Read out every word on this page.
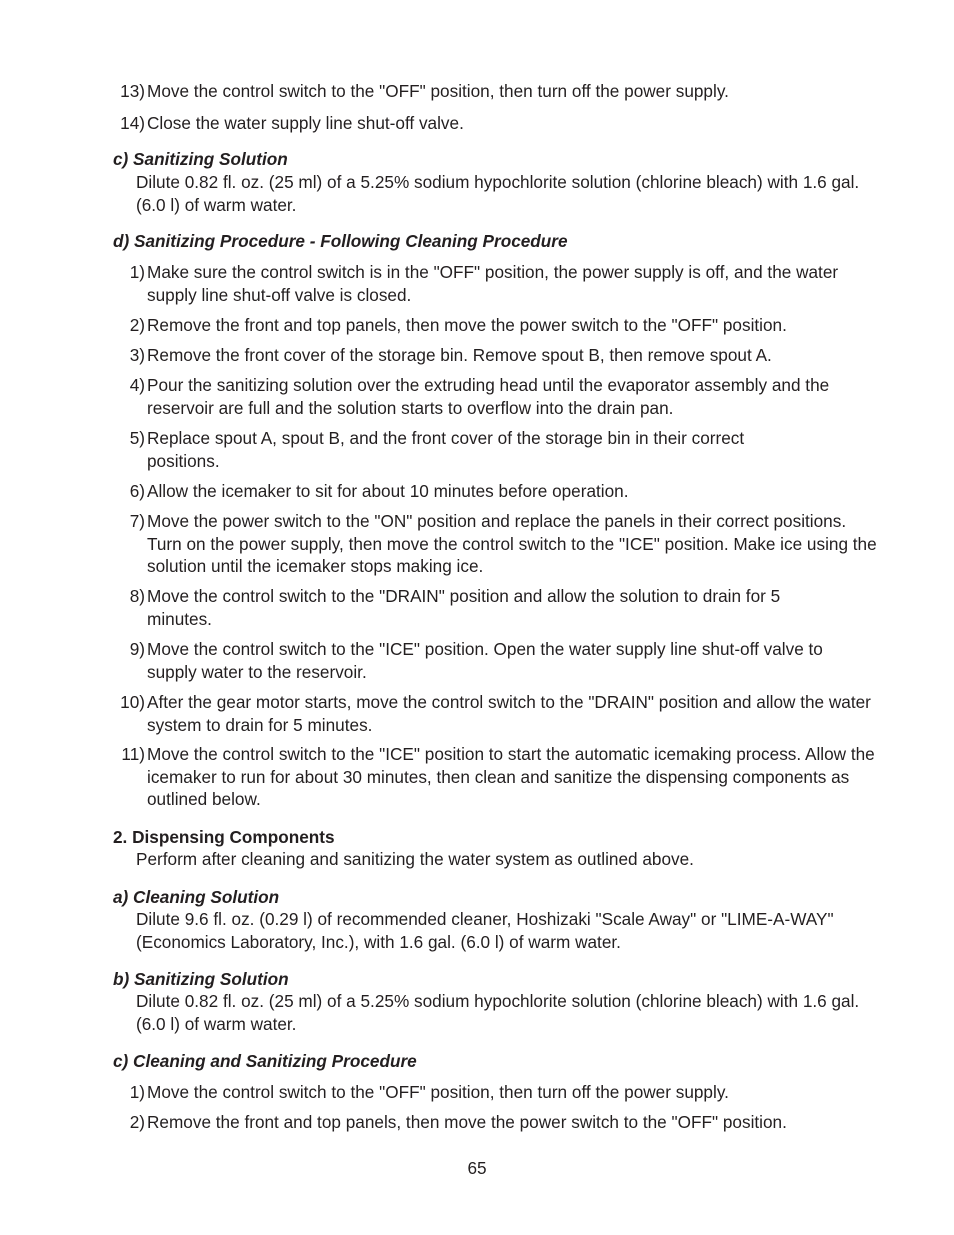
13) Move the control switch to the "OFF" position, then turn off the power supply.
14) Close the water supply line shut-off valve.
c) Sanitizing Solution
Dilute 0.82 fl. oz. (25 ml) of a 5.25% sodium hypochlorite solution (chlorine bleach) with 1.6 gal. (6.0 l) of warm water.
d) Sanitizing Procedure - Following Cleaning Procedure
1) Make sure the control switch is in the "OFF" position, the power supply is off, and the water supply line shut-off valve is closed.
2) Remove the front and top panels, then move the power switch to the "OFF" position.
3) Remove the front cover of the storage bin. Remove spout B, then remove spout A.
4) Pour the sanitizing solution over the extruding head until the evaporator assembly and the reservoir are full and the solution starts to overflow into the drain pan.
5) Replace spout A, spout B, and the front cover of the storage bin in their correct positions.
6) Allow the icemaker to sit for about 10 minutes before operation.
7) Move the power switch to the "ON" position and replace the panels in their correct positions. Turn on the power supply, then move the control switch to the "ICE" position. Make ice using the solution until the icemaker stops making ice.
8) Move the control switch to the "DRAIN" position and allow the solution to drain for 5 minutes.
9) Move the control switch to the "ICE" position. Open the water supply line shut-off valve to supply water to the reservoir.
10) After the gear motor starts, move the control switch to the "DRAIN" position and allow the water system to drain for 5 minutes.
11) Move the control switch to the "ICE" position to start the automatic icemaking process. Allow the icemaker to run for about 30 minutes, then clean and sanitize the dispensing components as outlined below.
2. Dispensing Components
Perform after cleaning and sanitizing the water system as outlined above.
a) Cleaning Solution
Dilute 9.6 fl. oz. (0.29 l) of recommended cleaner, Hoshizaki "Scale Away" or "LIME-A-WAY" (Economics Laboratory, Inc.), with 1.6 gal. (6.0 l) of warm water.
b) Sanitizing Solution
Dilute 0.82 fl. oz. (25 ml) of a 5.25% sodium hypochlorite solution (chlorine bleach) with 1.6 gal. (6.0 l) of warm water.
c) Cleaning and Sanitizing Procedure
1) Move the control switch to the "OFF" position, then turn off the power supply.
2) Remove the front and top panels, then move the power switch to the "OFF" position.
65
